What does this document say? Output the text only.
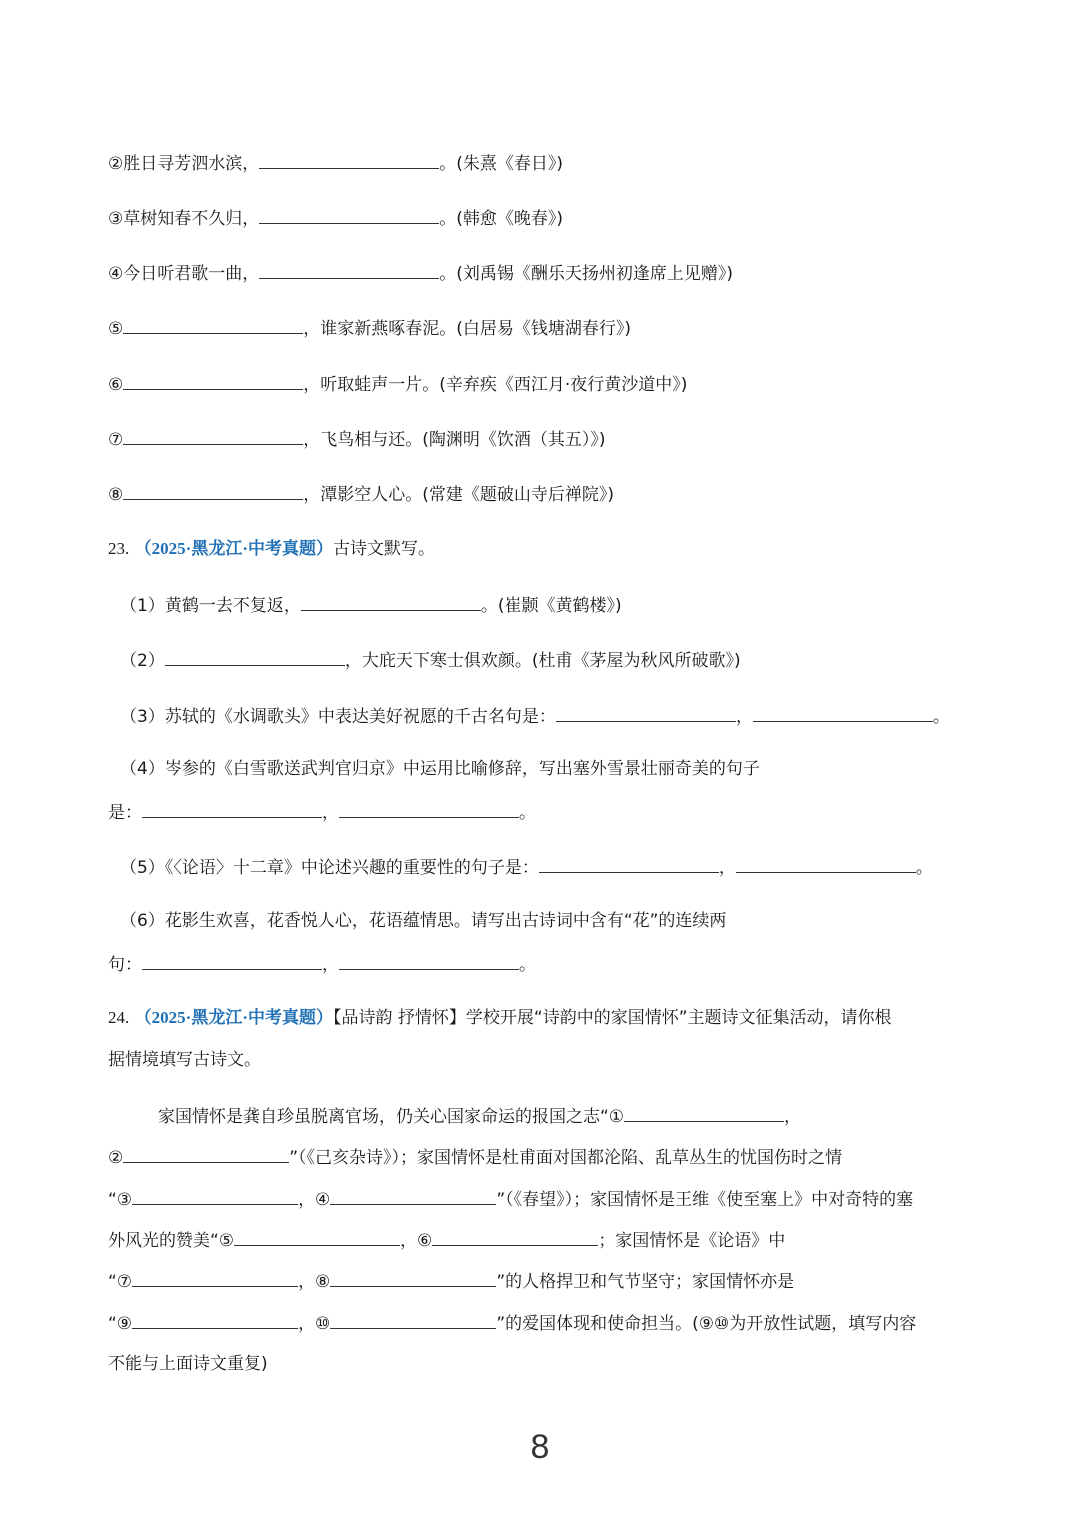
②胜日寻芳泗水滨，	。(朱熹《春日》)
③草树知春不久归，	。(韩愈《晚春》)
④今日听君歌一曲，	。(刘禹锡《酬乐天扬州初逢席上见赠》)
⑤	，谁家新燕啄春泥。(白居易《钱塘湖春行》)
⑥	，听取蛙声一片。(辛弃疾《西江月·夜行黄沙道中》)
⑦	，飞鸟相与还。(陶渊明《饮酒（其五）》)
⑧	，潭影空人心。(常建《题破山寺后禅院》)
23. （2025·黑龙江·中考真题）古诗文默写。
（1）黄鹤一去不复返，	。(崔颢《黄鹤楼》)
（2）	，大庇天下寒士俱欢颜。(杜甫《茅屋为秋风所破歌》)
（3）苏轼的《水调歌头》中表达美好祝愿的千古名句是：	，	。
（4）岑参的《白雪歌送武判官归京》中运用比喻修辞，写出塞外雪景壮丽奇美的句子
是：	，	。
（5）《〈论语〉十二章》中论述兴趣的重要性的句子是：	，	。
（6）花影生欢喜，花香悦人心，花语蕴情思。请写出古诗词中含有“花”的连续两
句：	，	。
24. （2025·黑龙江·中考真题）【品诗韵 抒情怀】学校开展“诗韵中的家国情怀”主题诗文征集活动，请你根
据情境填写古诗文。
家国情怀是龚自珍虽脱离官场，仍关心国家命运的报国之志“①	，
②	”（《己亥杂诗》）；家国情怀是杜甫面对国都沦陷、乱草丛生的忧国伤时之情
“③	，④	”（《春望》）；家国情怀是王维《使至塞上》中对奇特的塞
外风光的赞美“⑤	，⑥	；家国情怀是《论语》中
“⑦	，⑧	”的人格捍卫和气节坚守；家国情怀亦是
“⑨	，⑩	”的爱国体现和使命担当。(⑨⑩为开放性试题，填写内容
不能与上面诗文重复)
8
